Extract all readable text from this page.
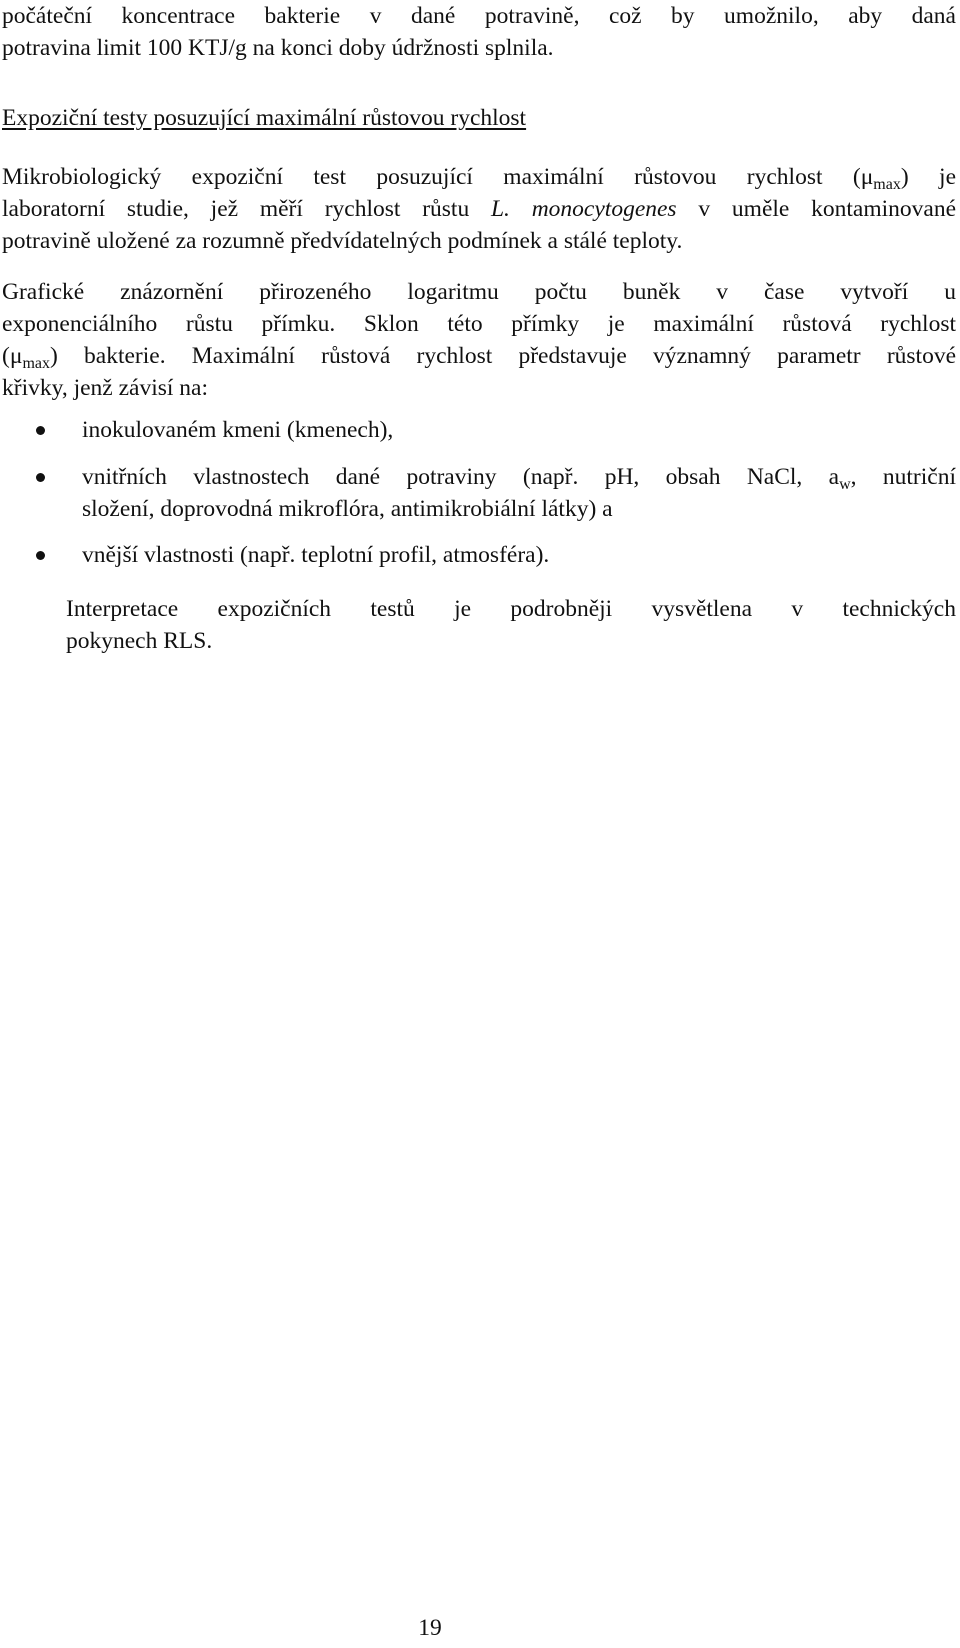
počáteční koncentrace bakterie v dané potravině, což by umožnilo, aby daná
potravina limit 100 KTJ/g na konci doby údržnosti splnila.
Expoziční testy posuzující maximální růstovou rychlost
Mikrobiologický expoziční test posuzující maximální růstovou rychlost $(\mu_{max})$ je
laboratorní studie, jež měří rychlost růstu L. monocytogenes v uměle kontaminované
potravině uložené za rozumně předvídatelných podmínek a stálé teploty.
Grafické znázornění přirozeného logaritmu počtu buněk v čase vytvoří u
exponenciálního růstu přímku. Sklon této přímky je maximální růstová rychlost
$(\mu_{max})$ bakterie. Maximální růstová rychlost představuje významný parametr růstové
křivky, jenž závisí na:
inokulovaném kmeni (kmenech),
vnitřních vlastnostech dané potraviny (např. pH, obsah NaCl, $a_w$, nutriční
složení, doprovodná mikroflóra, antimikrobiální látky) a
vnější vlastnosti (např. teplotní profil, atmosféra).
Interpretace expozičních testů je podrobněji vysvětlena v technických
pokynech RLS.
19
